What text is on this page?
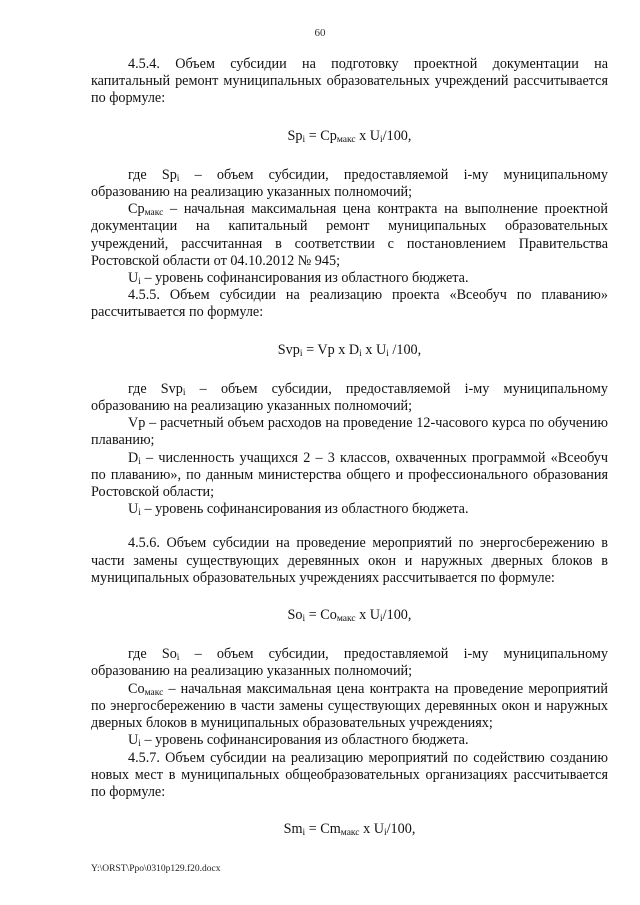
60

4.5.4. Объем субсидии на подготовку проектной документации на капитальный ремонт муниципальных образовательных учреждений рассчитывается по формуле:

$Sp_i = Cp_{макс}$ x $U_i/100$,

где $Sp_i$ – объем субсидии, предоставляемой i-му муниципальному образованию на реализацию указанных полномочий;

$Cp_{макс}$ – начальная максимальная цена контракта на выполнение проектной документации на капитальный ремонт муниципальных образовательных учреждений, рассчитанная в соответствии с постановлением Правительства Ростовской области от 04.10.2012 № 945;

$U_i$ – уровень софинансирования из областного бюджета.

4.5.5. Объем субсидии на реализацию проекта «Всеобуч по плаванию» рассчитывается по формуле:

Svp$_i$ = Vp x $D_i$ x $U_i$ /100,

где Svp$_i$ – объем субсидии, предоставляемой i-му муниципальному образованию на реализацию указанных полномочий;

Vp – расчетный объем расходов на проведение 12-часового курса по обучению плаванию;

$D_i$ – численность учащихся 2 – 3 классов, охваченных программой «Всеобуч по плаванию», по данным министерства общего и профессионального образования Ростовской области;

$U_i$ – уровень софинансирования из областного бюджета.

4.5.6. Объем субсидии на проведение мероприятий по энергосбережению в части замены существующих деревянных окон и наружных дверных блоков в муниципальных образовательных учреждениях рассчитывается по формуле:

$So_i = Co_{макс}$ x $U_i/100$,

где $So_i$ – объем субсидии, предоставляемой i-му муниципальному образованию на реализацию указанных полномочий;

$Co_{макс}$ – начальная максимальная цена контракта на проведение мероприятий по энергосбережению в части замены существующих деревянных окон и наружных дверных блоков в муниципальных образовательных учреждениях;

$U_i$ – уровень софинансирования из областного бюджета.

4.5.7. Объем субсидии на реализацию мероприятий по содействию созданию новых мест в муниципальных общеобразовательных организациях рассчитывается по формуле:

$Sm_i = Cm_{макс}$ x $U_i/100$,

Y:\ORST\Ppo\0310p129.f20.docx
